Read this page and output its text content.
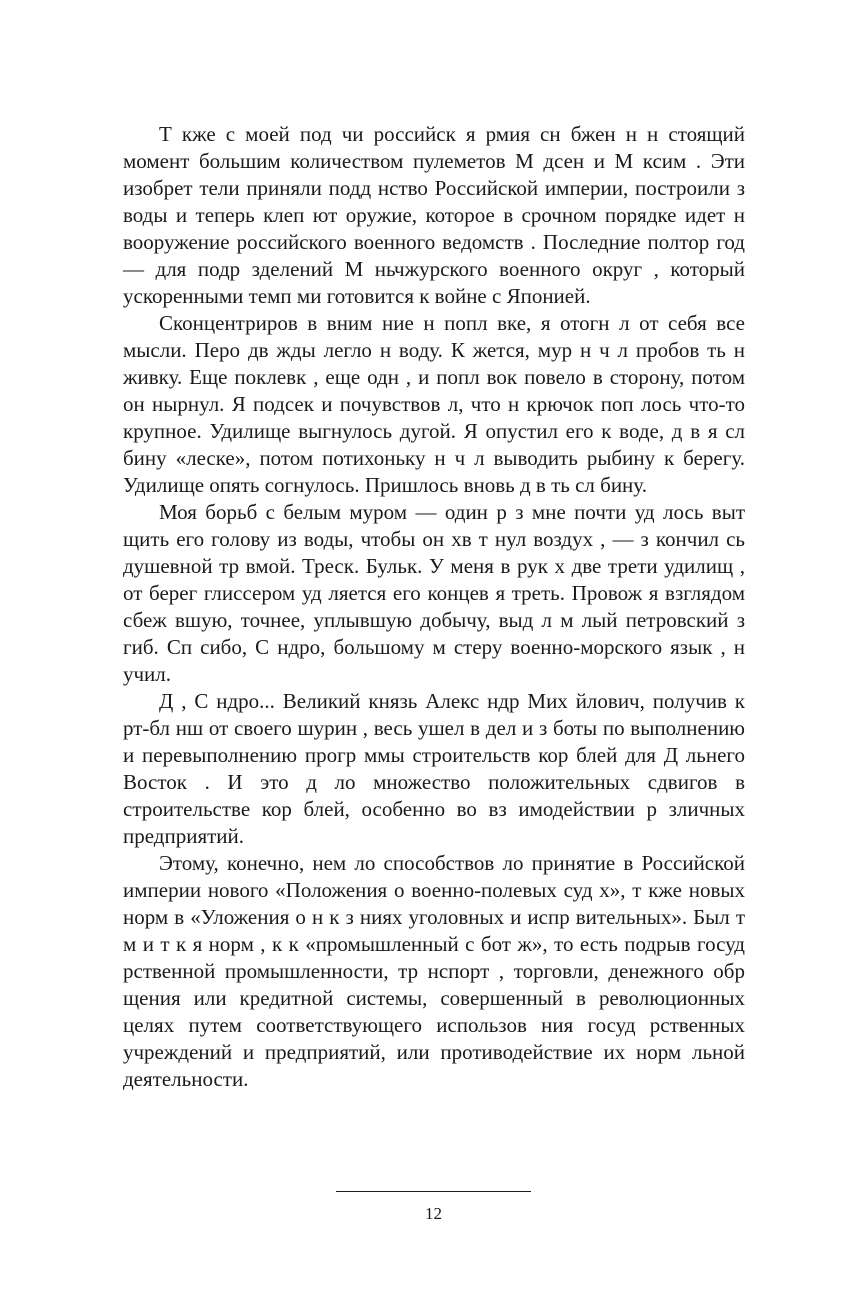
Т кже с моей под чи российск я рмия сн бжен н н стоящий момент большим количеством пулеметов М дсен и М ксим . Эти изобрет тели приняли подд нство Российской империи, построили з воды и теперь клеп ют оружие, которое в срочном порядке идет н вооружение российского военного ведомств . Последние полтор год — для подр зделений М ньчжурского военного округ , который ускоренными темп ми готовится к войне с Японией.

Сконцентриров в вним ние н попл вке, я отогн л от себя все мысли. Перо дв жды легло н воду. К жется, мур н ч л пробов ть н живку. Еще поклевк , еще одн , и попл вок повело в сторону, потом он нырнул. Я подсек и почувствов л, что н крючок поп лось что-то крупное. Удилище выгнулось дугой. Я опустил его к воде, д в я сл бину «леске», потом потихоньку н ч л выводить рыбину к берегу. Удилище опять согнулось. Пришлось вновь д в ть сл бину.

Моя борьб с белым муром — один р з мне почти уд лось выт щить его голову из воды, чтобы он хв т нул воздух , — з кончил сь душевной тр вмой. Треск. Бульк. У меня в рук х две трети удилищ , от берег глиссером уд ляется его концев я треть. Провож я взглядом сбеж вшую, точнее, уплывшую добычу, выд л м лый петровский з гиб. Сп сибо, С ндро, большому м стеру военно-морского язык , н учил.

Д , С ндро... Великий князь Алекс ндр Мих йлович, получив к рт-бл нш от своего шурин , весь ушел в дел и з боты по выполнению и перевыполнению прогр ммы строительств кор блей для Д льнего Восток . И это д ло множество положительных сдвигов в строительстве кор блей, особенно во вз имодействии р зличных предприятий.

Этому, конечно, нем ло способствов ло принятие в Российской империи нового «Положения о военно-полевых суд х», т кже новых норм в «Уложения о н к з ниях уголовных и испр вительных». Был т м и т к я норм , к к «промышленный с бот ж», то есть подрыв госуд рственной промышленности, тр нспорт , торговли, денежного обр щения или кредитной системы, совершенный в революционных целях путем соответствующего использов ния госуд рственных учреждений и предприятий, или противодействие их норм льной деятельности.

12
